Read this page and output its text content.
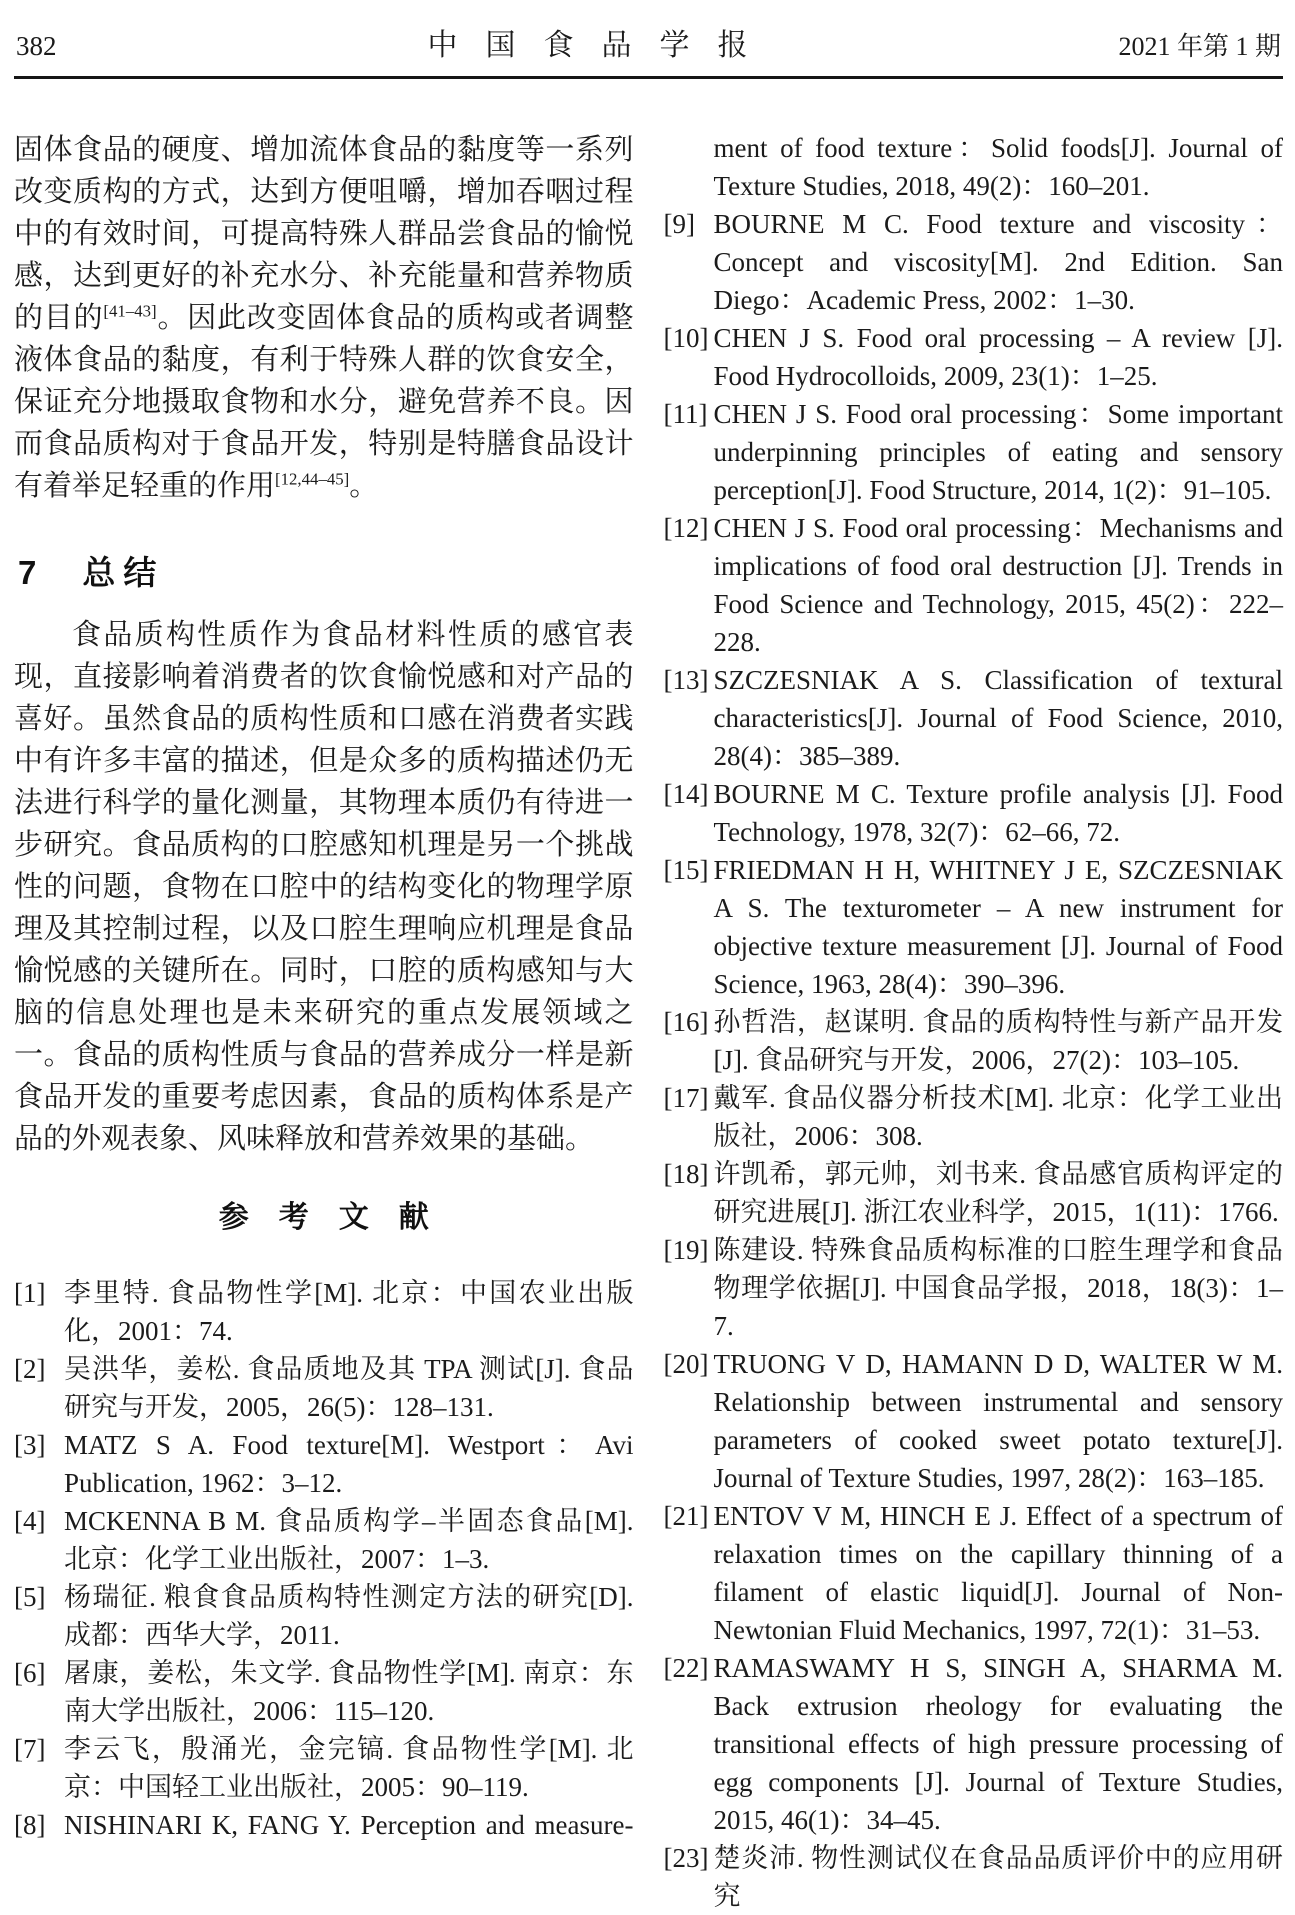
382	中国食品学报	2021 年第 1 期

固体食品的硬度、增加流体食品的黏度等一系列改变质构的方式，达到方便咀嚼，增加吞咽过程中的有效时间，可提高特殊人群品尝食品的愉悦感，达到更好的补充水分、补充能量和营养物质的目的[41–43]。因此改变固体食品的质构或者调整液体食品的黏度，有利于特殊人群的饮食安全，保证充分地摄取食物和水分，避免营养不良。因而食品质构对于食品开发，特别是特膳食品设计有着举足轻重的作用[12,44–45]。

7 总结

食品质构性质作为食品材料性质的感官表现，直接影响着消费者的饮食愉悦感和对产品的喜好。虽然食品的质构性质和口感在消费者实践中有许多丰富的描述，但是众多的质构描述仍无法进行科学的量化测量，其物理本质仍有待进一步研究。食品质构的口腔感知机理是另一个挑战性的问题，食物在口腔中的结构变化的物理学原理及其控制过程，以及口腔生理响应机理是食品愉悦感的关键所在。同时，口腔的质构感知与大脑的信息处理也是未来研究的重点发展领域之一。食品的质构性质与食品的营养成分一样是新食品开发的重要考虑因素，食品的质构体系是产品的外观表象、风味释放和营养效果的基础。

参考文献
[1] 李里特. 食品物性学[M]. 北京：中国农业出版化，2001：74.
[2] 吴洪华，姜松. 食品质地及其 TPA 测试[J]. 食品研究与开发，2005，26(5)：128–131.
[3] MATZ S A. Food texture[M]. Westport：Avi Publication, 1962：3–12.
[4] MCKENNA B M. 食品质构学–半固态食品[M]. 北京：化学工业出版社，2007：1–3.
[5] 杨瑞征. 粮食食品质构特性测定方法的研究[D]. 成都：西华大学，2011.
[6] 屠康，姜松，朱文学. 食品物性学[M]. 南京：东南大学出版社，2006：115–120.
[7] 李云飞，殷涌光，金完镐. 食品物性学[M]. 北京：中国轻工业出版社，2005：90–119.
[8] NISHINARI K, FANG Y. Perception and measure-
ment of food texture：Solid foods[J]. Journal of Texture Studies, 2018, 49(2)：160–201.
[9] BOURNE M C. Food texture and viscosity：Concept and viscosity[M]. 2nd Edition. San Diego：Academic Press, 2002：1–30.
[10] CHEN J S. Food oral processing – A review [J]. Food Hydrocolloids, 2009, 23(1)：1–25.
[11] CHEN J S. Food oral processing：Some important underpinning principles of eating and sensory perception[J]. Food Structure, 2014, 1(2)：91–105.
[12] CHEN J S. Food oral processing：Mechanisms and implications of food oral destruction [J]. Trends in Food Science and Technology, 2015, 45(2)：222–228.
[13] SZCZESNIAK A S. Classification of textural characteristics[J]. Journal of Food Science, 2010, 28(4)：385–389.
[14] BOURNE M C. Texture profile analysis [J]. Food Technology, 1978, 32(7)：62–66, 72.
[15] FRIEDMAN H H, WHITNEY J E, SZCZESNIAK A S. The texturometer – A new instrument for objective texture measurement [J]. Journal of Food Science, 1963, 28(4)：390–396.
[16] 孙哲浩，赵谋明. 食品的质构特性与新产品开发[J]. 食品研究与开发，2006，27(2)：103–105.
[17] 戴军. 食品仪器分析技术[M]. 北京：化学工业出版社，2006：308.
[18] 许凯希，郭元帅，刘书来. 食品感官质构评定的研究进展[J]. 浙江农业科学，2015，1(11)：1766.
[19] 陈建设. 特殊食品质构标准的口腔生理学和食品物理学依据[J]. 中国食品学报，2018，18(3)：1–7.
[20] TRUONG V D, HAMANN D D, WALTER W M. Relationship between instrumental and sensory parameters of cooked sweet potato texture[J]. Journal of Texture Studies, 1997, 28(2)：163–185.
[21] ENTOV V M, HINCH E J. Effect of a spectrum of relaxation times on the capillary thinning of a filament of elastic liquid[J]. Journal of Non-Newtonian Fluid Mechanics, 1997, 72(1)：31–53.
[22] RAMASWAMY H S, SINGH A, SHARMA M. Back extrusion rheology for evaluating the transitional effects of high pressure processing of egg components [J]. Journal of Texture Studies, 2015, 46(1)：34–45.
[23] 楚炎沛. 物性测试仪在食品品质评价中的应用研究
